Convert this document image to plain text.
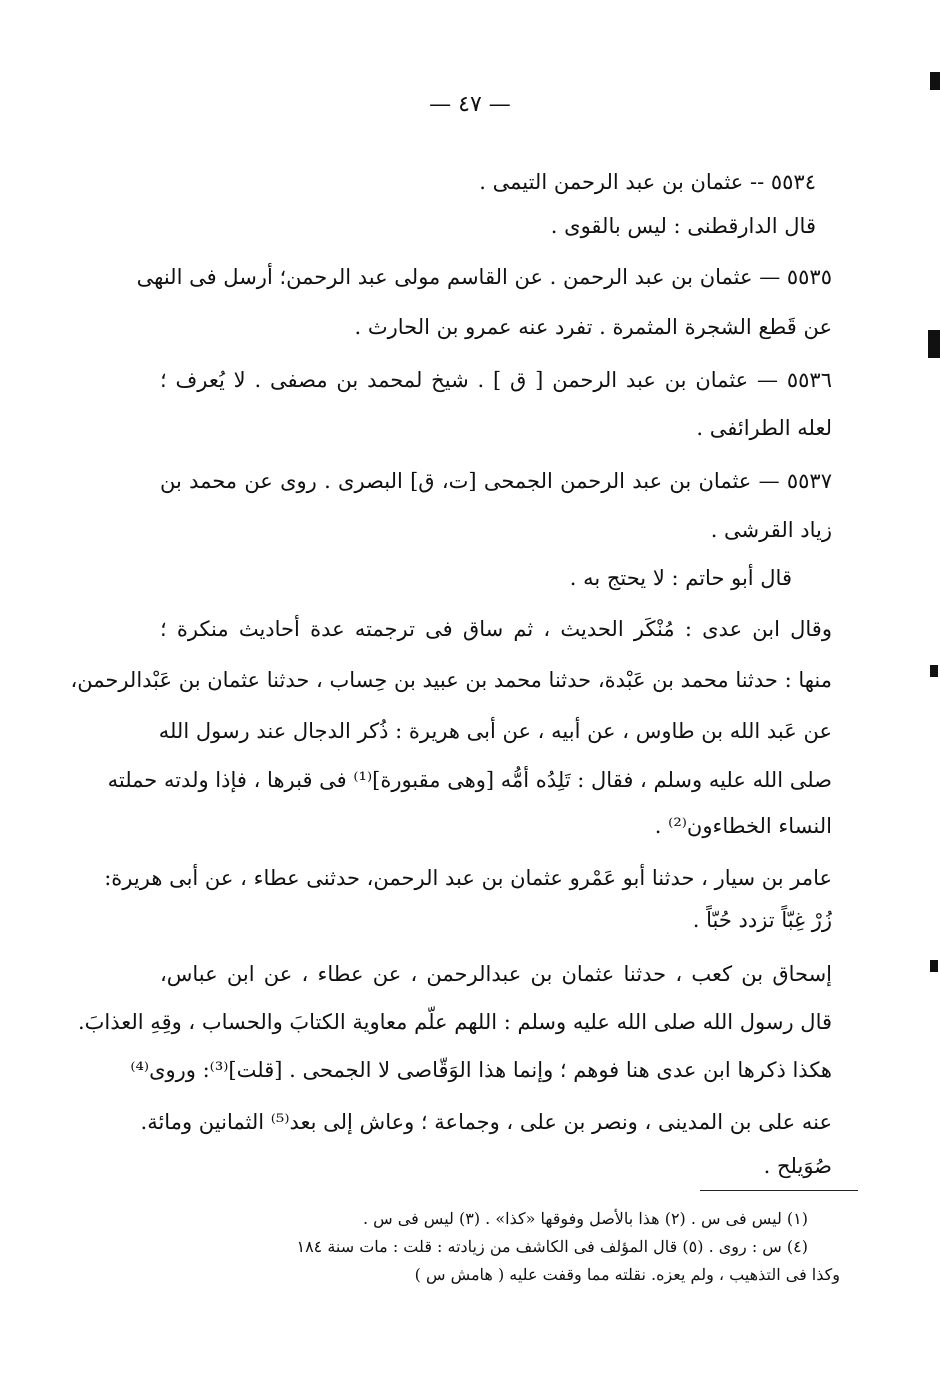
— ٤٧ —
٥٥٣٤ -- عثمان بن عبد الرحمن التيمى .
قال الدارقطنى : ليس بالقوى .
٥٥٣٥ — عثمان بن عبد الرحمن . عن القاسم مولى عبد الرحمن؛ أرسل فى النهى
عن قَطع الشجرة المثمرة . تفرد عنه عمرو بن الحارث .
٥٥٣٦ — عثمان بن عبد الرحمن [ ق ] . شيخ لمحمد بن مصفى . لا يُعرف ؛
لعله الطرائفى .
٥٥٣٧ — عثمان بن عبد الرحمن الجمحى [ت، ق] البصرى . روى عن محمد بن
زياد القرشى .
قال أبو حاتم : لا يحتج به .
وقال ابن عدى : مُنْكَر الحديث ، ثم ساق فى ترجمته عدة أحاديث منكرة ؛
منها : حدثنا محمد بن عَبْدة، حدثنا محمد بن عبيد بن حِساب ، حدثنا عثمان بن عَبْدالرحمن،
عن عَبد الله بن طاوس ، عن أبيه ، عن أبى هريرة : ذُكر الدجال عند رسول الله
صلى الله عليه وسلم ، فقال : تَلِدُه أمُّه [وهى مقبورة]⁽¹⁾ فى قبرها ، فإذا ولدته حملته
النساء الخطاءون⁽²⁾ .
عامر بن سيار ، حدثنا أبو عَمْرو عثمان بن عبد الرحمن، حدثنى عطاء ، عن أبى هريرة:
زُرْ غِبّاً تزدد حُبّاً .
إسحاق بن كعب ، حدثنا عثمان بن عبدالرحمن ، عن عطاء ، عن ابن عباس،
قال رسول الله صلى الله عليه وسلم : اللهم علّم معاوية الكتابَ والحساب ، وقِهِ العذابَ.
هكذا ذكرها ابن عدى هنا فوهم ؛ وإنما هذا الوَقّاصى لا الجمحى . [قلت]⁽³⁾: وروى⁽⁴⁾
عنه على بن المدينى ، ونصر بن على ، وجماعة ؛ وعاش إلى بعد⁽⁵⁾ الثمانين ومائة.
صُوَيلح .
(١) ليس فى س . (٢) هذا بالأصل وفوقها «كذا» . (٣) ليس فى س .
(٤) س : روى . (٥) قال المؤلف فى الكاشف من زيادته : قلت : مات سنة ١٨٤
وكذا فى التذهيب ، ولم يعزه. نقلته مما وقفت عليه ( هامش س )
